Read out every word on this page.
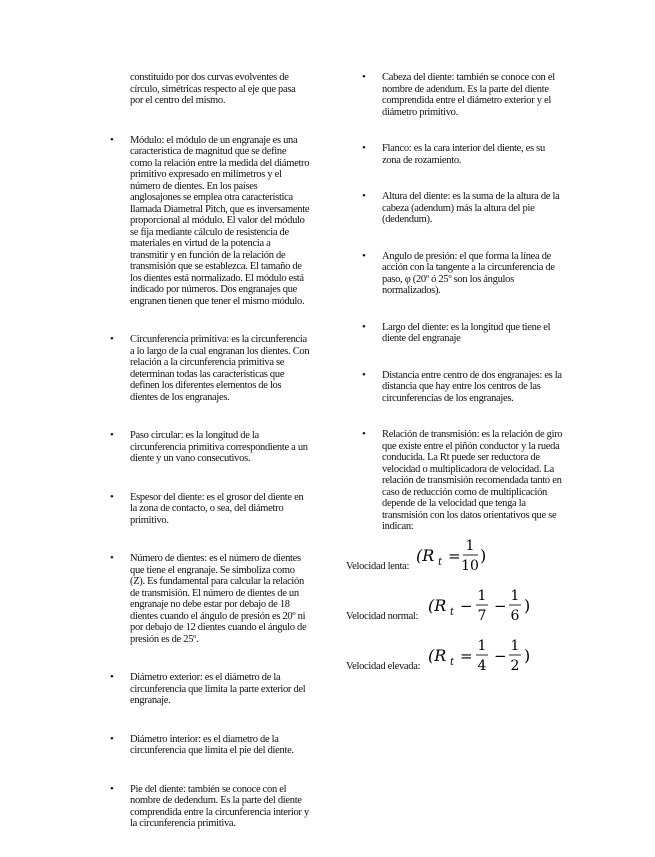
constituido por dos curvas evolventes de círculo, simétricas respecto al eje que pasa por el centro del mismo.

• Módulo: el módulo de un engranaje es una característica de magnitud que se define como la relación entre la medida del diámetro primitivo expresado en milímetros y el número de dientes. En los países anglosajones se emplea otra característica llamada Diametral Pitch, que es inversamente proporcional al módulo. El valor del módulo se fija mediante cálculo de resistencia de materiales en virtud de la potencia a transmitir y en función de la relación de transmisión que se establezca. El tamaño de los dientes está normalizado. El módulo está indicado por números. Dos engranajes que engranen tienen que tener el mismo módulo.
• Circunferencia primitiva: es la circunferencia a lo largo de la cual engranan los dientes. Con relación a la circunferencia primitiva se determinan todas las características que definen los diferentes elementos de los dientes de los engranajes.
• Paso circular: es la longitud de la circunferencia primitiva correspondiente a un diente y un vano consecutivos.
• Espesor del diente: es el grosor del diente en la zona de contacto, o sea, del diámetro primitivo.
• Número de dientes: es el número de dientes que tiene el engranaje. Se simboliza como (Z). Es fundamental para calcular la relación de transmisión. El número de dientes de un engranaje no debe estar por debajo de 18 dientes cuando el ángulo de presión es 20º ni por debajo de 12 dientes cuando el ángulo de presión es de 25º.
• Diámetro exterior: es el diámetro de la circunferencia que limita la parte exterior del engranaje.
• Diámetro interior: es el diametro de la circunferencia que limita el pie del diente.
• Pie del diente: también se conoce con el nombre de dedendum. Es la parte del diente comprendida entre la circunferencia interior y la circunferencia primitiva.
• Cabeza del diente: también se conoce con el nombre de adendum. Es la parte del diente comprendida entre el diámetro exterior y el diámetro primitivo.
• Flanco: es la cara interior del diente, es su zona de rozamiento.
• Altura del diente: es la suma de la altura de la cabeza (adendum) más la altura del pie (dedendum).
• Angulo de presión: el que forma la línea de acción con la tangente a la circunferencia de paso, φ (20º ó 25º son los ángulos normalizados).
• Largo del diente: es la longitud que tiene el diente del engranaje
• Distancia entre centro de dos engranajes: es la distancia que hay entre los centros de las circunferencias de los engranajes.
• Relación de transmisión: es la relación de giro que existe entre el piñón conductor y la rueda conducida. La Rt puede ser reductora de velocidad o multiplicadora de velocidad. La relación de transmisión recomendada tanto en caso de reducción como de multiplicación depende de la velocidad que tenga la transmisión con los datos orientativos que se indican:
Velocidad lenta:
(R t =
1
10
)
Velocidad normal:
(R t −
1
7
−
1
6
)
Velocidad elevada:
(R t =
1
4
−
1
2
)
